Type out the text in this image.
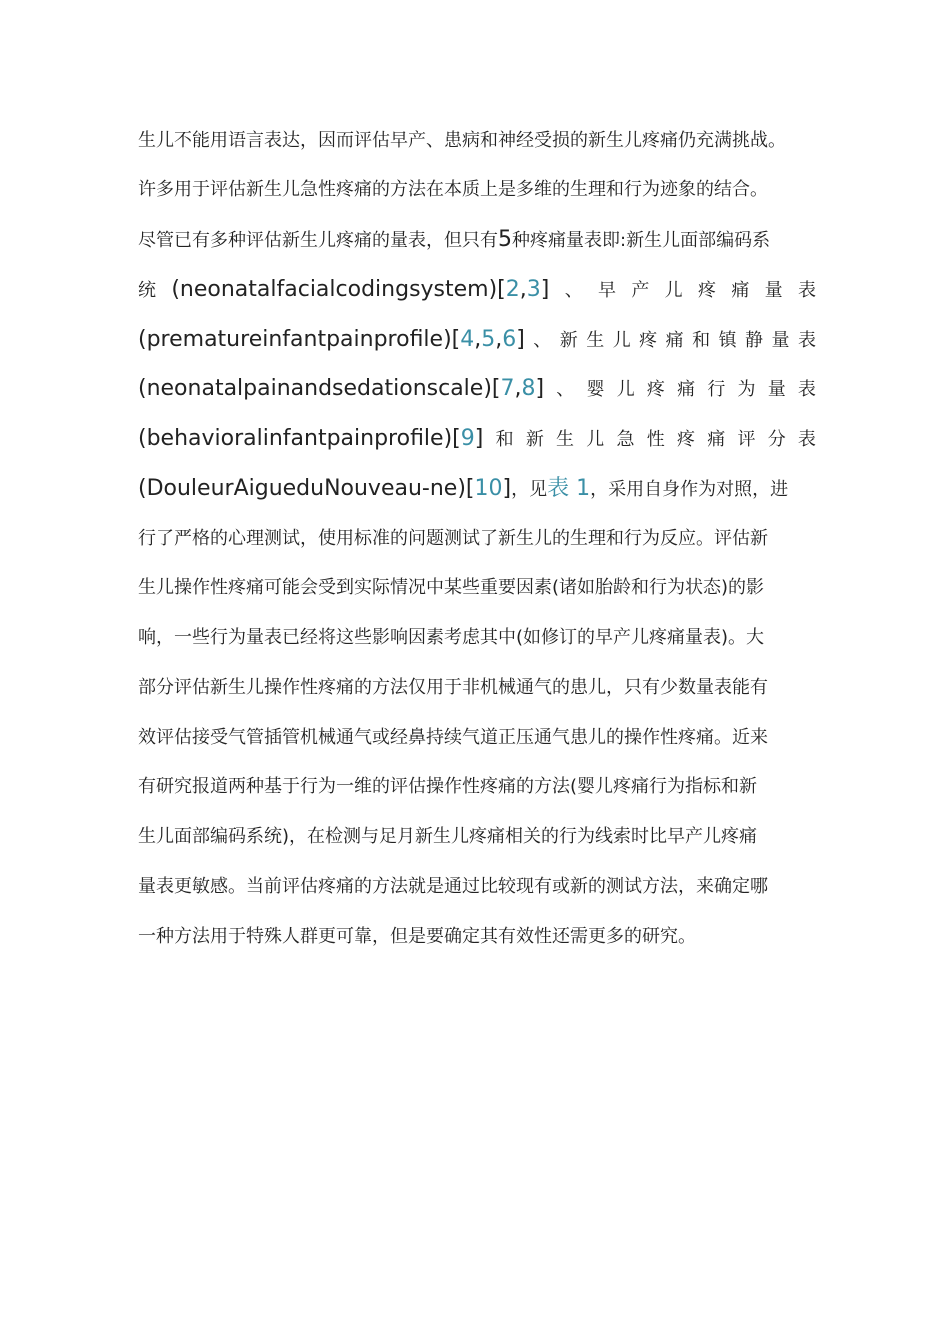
生儿不能用语言表达，因而评估早产、患病和神经受损的新生儿疼痛仍充满挑战。
许多用于评估新生儿急性疼痛的方法在本质上是多维的生理和行为迹象的结合。
尽管已有多种评估新生儿疼痛的量表，但只有5种疼痛量表即:新生儿面部编码系
统 (neonatalfacialcodingsystem)[2,3] 、 早 产 儿 疼 痛 量 表
(prematureinfantpainprofile)[4,5,6] 、 新 生 儿 疼 痛 和 镇 静 量 表
(neonatalpainandsedationscale)[7,8] 、 婴 儿 疼 痛 行 为 量 表
(behavioralinfantpainprofile)[9] 和 新 生 儿 急 性 疼 痛 评 分 表
(DouleurAigueduNouveau-ne)[10]，见表 1，采用自身作为对照，进
行了严格的心理测试，使用标准的问题测试了新生儿的生理和行为反应。评估新
生儿操作性疼痛可能会受到实际情况中某些重要因素(诸如胎龄和行为状态)的影
响，一些行为量表已经将这些影响因素考虑其中(如修订的早产儿疼痛量表)。大
部分评估新生儿操作性疼痛的方法仅用于非机械通气的患儿，只有少数量表能有
效评估接受气管插管机械通气或经鼻持续气道正压通气患儿的操作性疼痛。近来
有研究报道两种基于行为一维的评估操作性疼痛的方法(婴儿疼痛行为指标和新
生儿面部编码系统)，在检测与足月新生儿疼痛相关的行为线索时比早产儿疼痛
量表更敏感。当前评估疼痛的方法就是通过比较现有或新的测试方法，来确定哪
一种方法用于特殊人群更可靠，但是要确定其有效性还需更多的研究。
